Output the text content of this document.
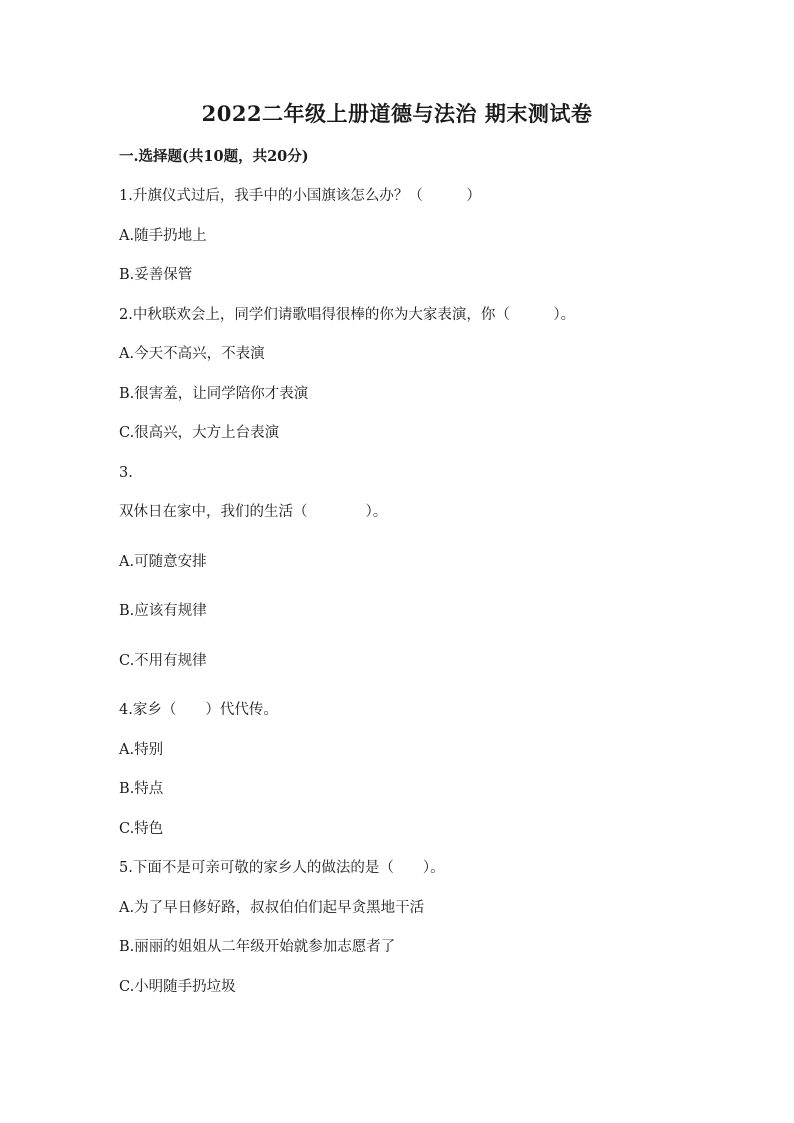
2022二年级上册道德与法治 期末测试卷
一.选择题(共10题，共20分)
1.升旗仪式过后，我手中的小国旗该怎么办？（　　　）
A.随手扔地上
B.妥善保管
2.中秋联欢会上，同学们请歌唱得很棒的你为大家表演，你（　　　）。
A.今天不高兴，不表演
B.很害羞，让同学陪你才表演
C.很高兴，大方上台表演
3.
双休日在家中，我们的生活（　　　　）。
A.可随意安排
B.应该有规律
C.不用有规律
4.家乡（　　）代代传。
A.特别
B.特点
C.特色
5.下面不是可亲可敬的家乡人的做法的是（　　）。
A.为了早日修好路，叔叔伯伯们起早贪黑地干活
B.丽丽的姐姐从二年级开始就参加志愿者了
C.小明随手扔垃圾
